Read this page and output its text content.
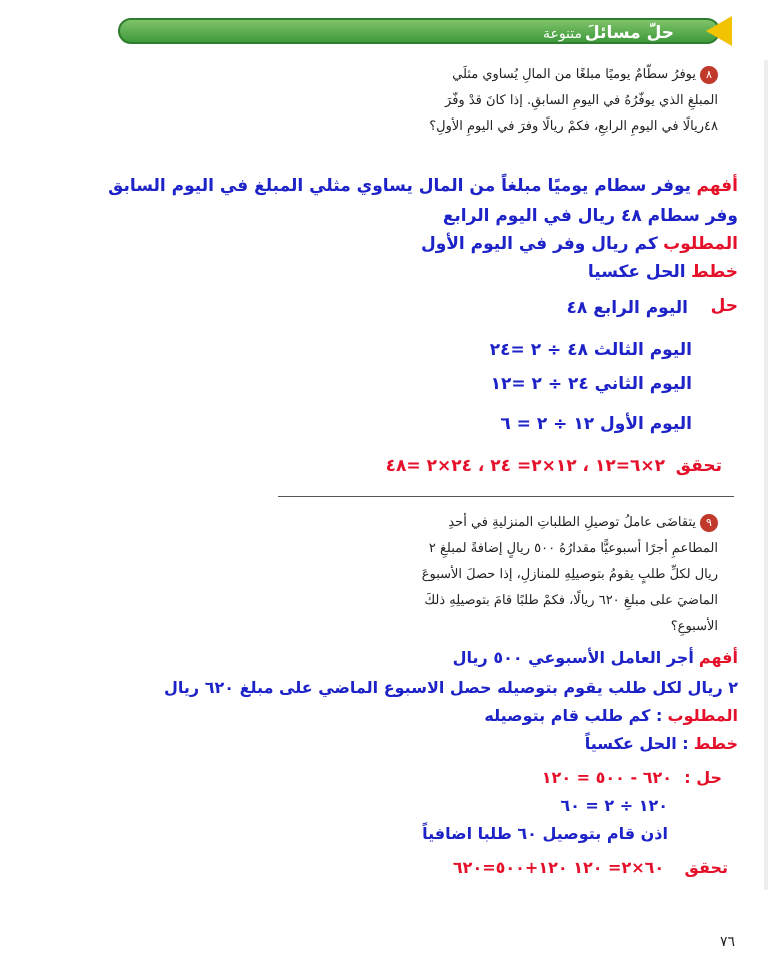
حلّ مسائلَ
متنوعة
٨يوفرُ سطّامٌ يوميًا مبلغًا من المالِ يُساوي مثلَي المبلغِ الذي يوفّرُهُ في اليومِ السابقِ. إذا كانَ قدْ وفّرَ ٤٨ريالًا في اليومِ الرابعِ، فكمْ ريالًا وفرَ في اليومِ الأولِ؟
أفهم يوفر سطام يوميًا مبلغاً من المال يساوي مثلي المبلغ في اليوم السابق
وفر سطام ٤٨ ريال في اليوم الرابع
المطلوب كم ريال وفر في اليوم الأول
خطط الحل عكسيا
حل
اليوم الرابع ٤٨
اليوم الثالث ٤٨ ÷ ٢ =٢٤
اليوم الثاني ٢٤ ÷ ٢ =١٢
اليوم الأول ١٢ ÷ ٢ = ٦
تحقق  ٢×٦=١٢ ، ١٢×٢= ٢٤ ، ٢٤×٢ =٤٨
٩يتقاضَى عاملُ توصيلِ الطلباتِ المنزليةِ في أحدِ المطاعمِ أجرًا أسبوعيًّا مقدارُهُ ٥٠٠ ريالٍ إضافةً لمبلغِ ٢ ريال لكلِّ طلبٍ يقومُ بتوصيلِهِ للمنازلِ، إذا حصلَ الأسبوعَ الماضيَ على مبلغِ ٦٢٠ ريالًا، فكمْ طلبًا قامَ بتوصيلِهِ ذلكَ الأسبوعِ؟
أفهم أجر العامل الأسبوعي ٥٠٠ ريال
٢ ريال لكل طلب يقوم بتوصيله حصل الاسبوع الماضي على مبلغ ٦٢٠ ريال
المطلوب : كم طلب قام بتوصيله
خطط : الحل عكسياً
حل :
٦٢٠ - ٥٠٠ = ١٢٠
١٢٠ ÷ ٢ = ٦٠
اذن قام بتوصيل ٦٠ طلبا اضافياً
تحقق    ٦٠×٢= ١٢٠ ١٢٠+٥٠٠=٦٢٠
٧٦
